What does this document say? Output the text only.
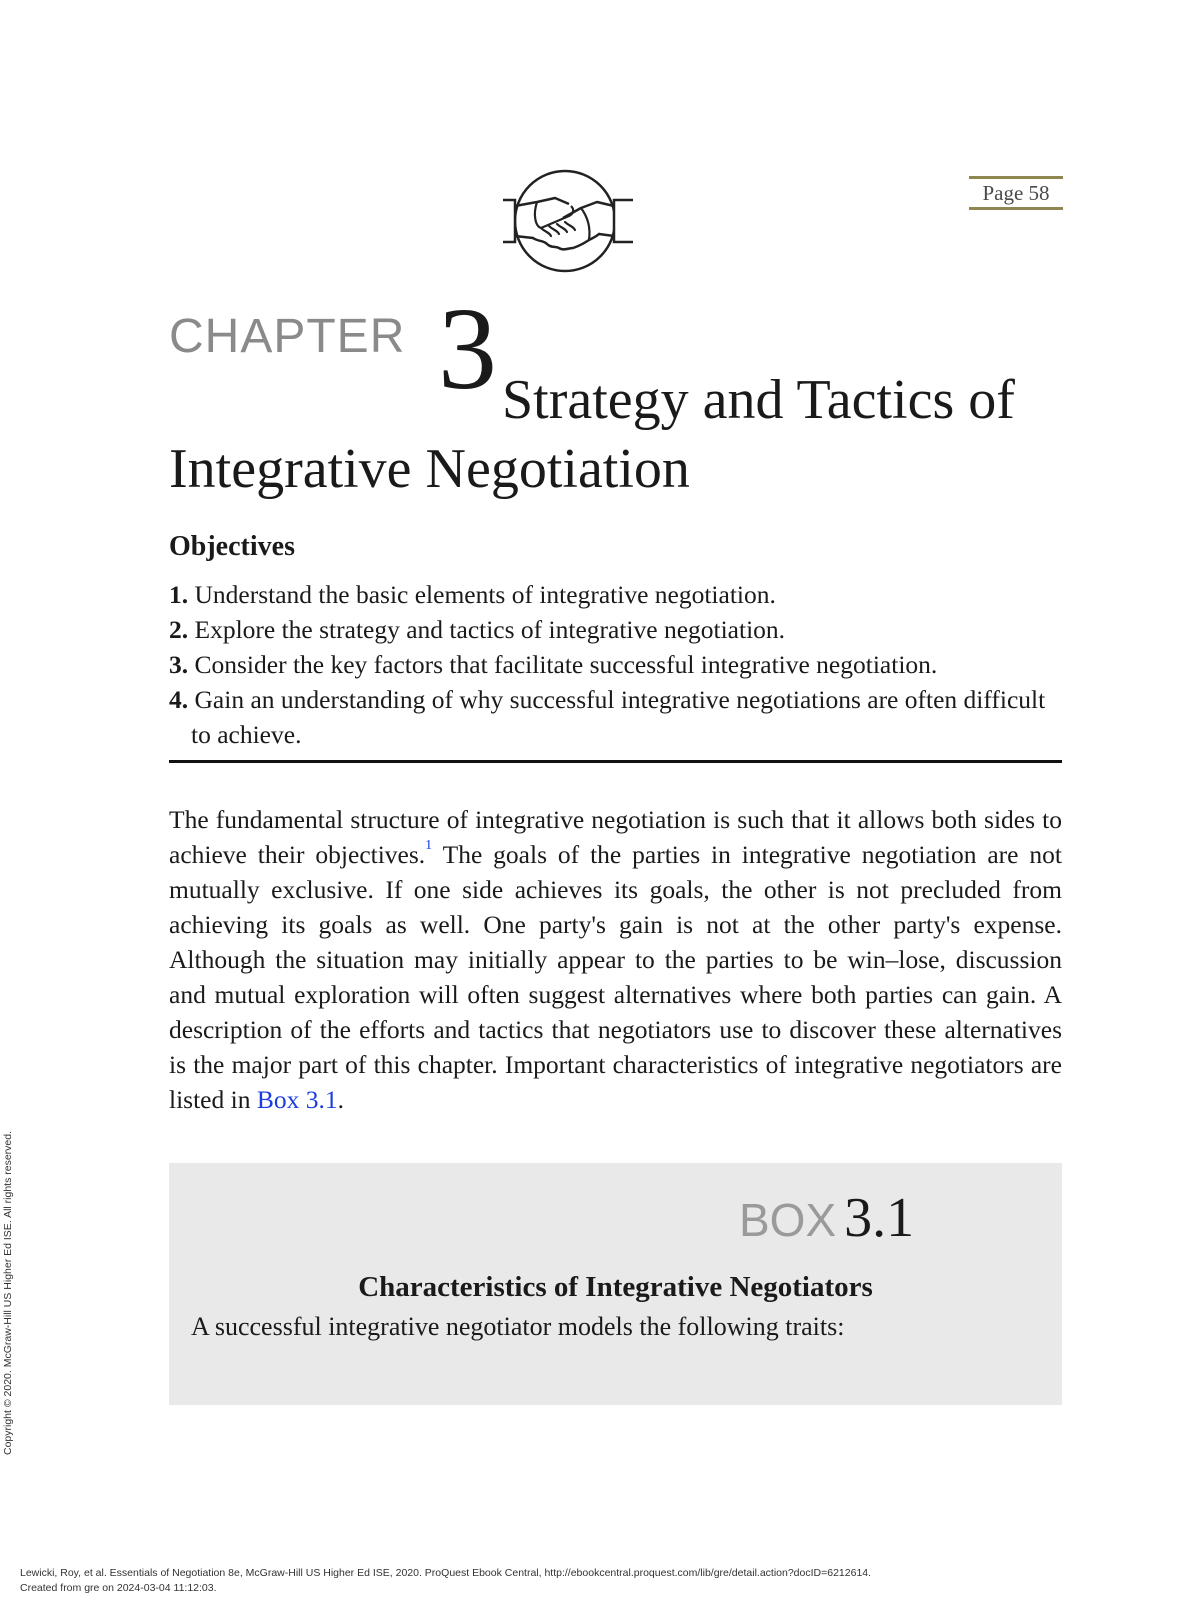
Page 58
CHAPTER 3 Strategy and Tactics of
Integrative Negotiation
Objectives
1. Understand the basic elements of integrative negotiation.
2. Explore the strategy and tactics of integrative negotiation.
3. Consider the key factors that facilitate successful integrative negotiation.
4. Gain an understanding of why successful integrative negotiations are often difficult to achieve.

The fundamental structure of integrative negotiation is such that it allows both sides to achieve their objectives.$^1$ The goals of the parties in integrative negotiation are not mutually exclusive. If one side achieves its goals, the other is not precluded from achieving its goals as well. One party's gain is not at the other party's expense. Although the situation may initially appear to the parties to be win–lose, discussion and mutual exploration will often suggest alternatives where both parties can gain. A description of the efforts and tactics that negotiators use to discover these alternatives is the major part of this chapter. Important characteristics of integrative negotiators are listed in Box 3.1.

BOX 3.1
Characteristics of Integrative Negotiators
A successful integrative negotiator models the following traits:
Copyright © 2020. McGraw-Hill US Higher Ed ISE. All rights reserved.
Lewicki, Roy, et al. Essentials of Negotiation 8e, McGraw-Hill US Higher Ed ISE, 2020. ProQuest Ebook Central, http://ebookcentral.proquest.com/lib/gre/detail.action?docID=6212614.
Created from gre on 2024-03-04 11:12:03.
